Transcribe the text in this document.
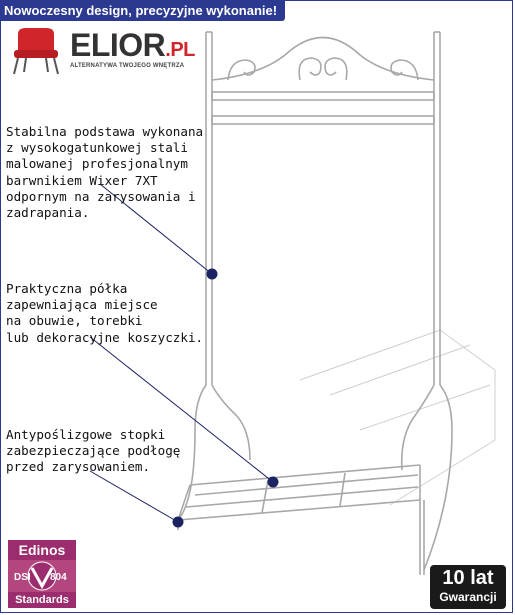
Nowoczesny design, precyzyjne wykonanie!
ELIOR.PL
ALTERNATYWA TWOJEGO WNĘTRZA
Stabilna podstawa wykonana
z wysokogatunkowej stali
malowanej profesjonalnym
barwnikiem Wixer 7XT
odpornym na zarysowania i
zadrapania.
Praktyczna półka
zapewniająca miejsce
na obuwie, torebki
lub dekoracyjne koszyczki.
Antypoślizgowe stopki
zabezpieczające podłogę
przed zarysowaniem.
Edinos
DSI 804
Standards
10 lat
Gwarancji
